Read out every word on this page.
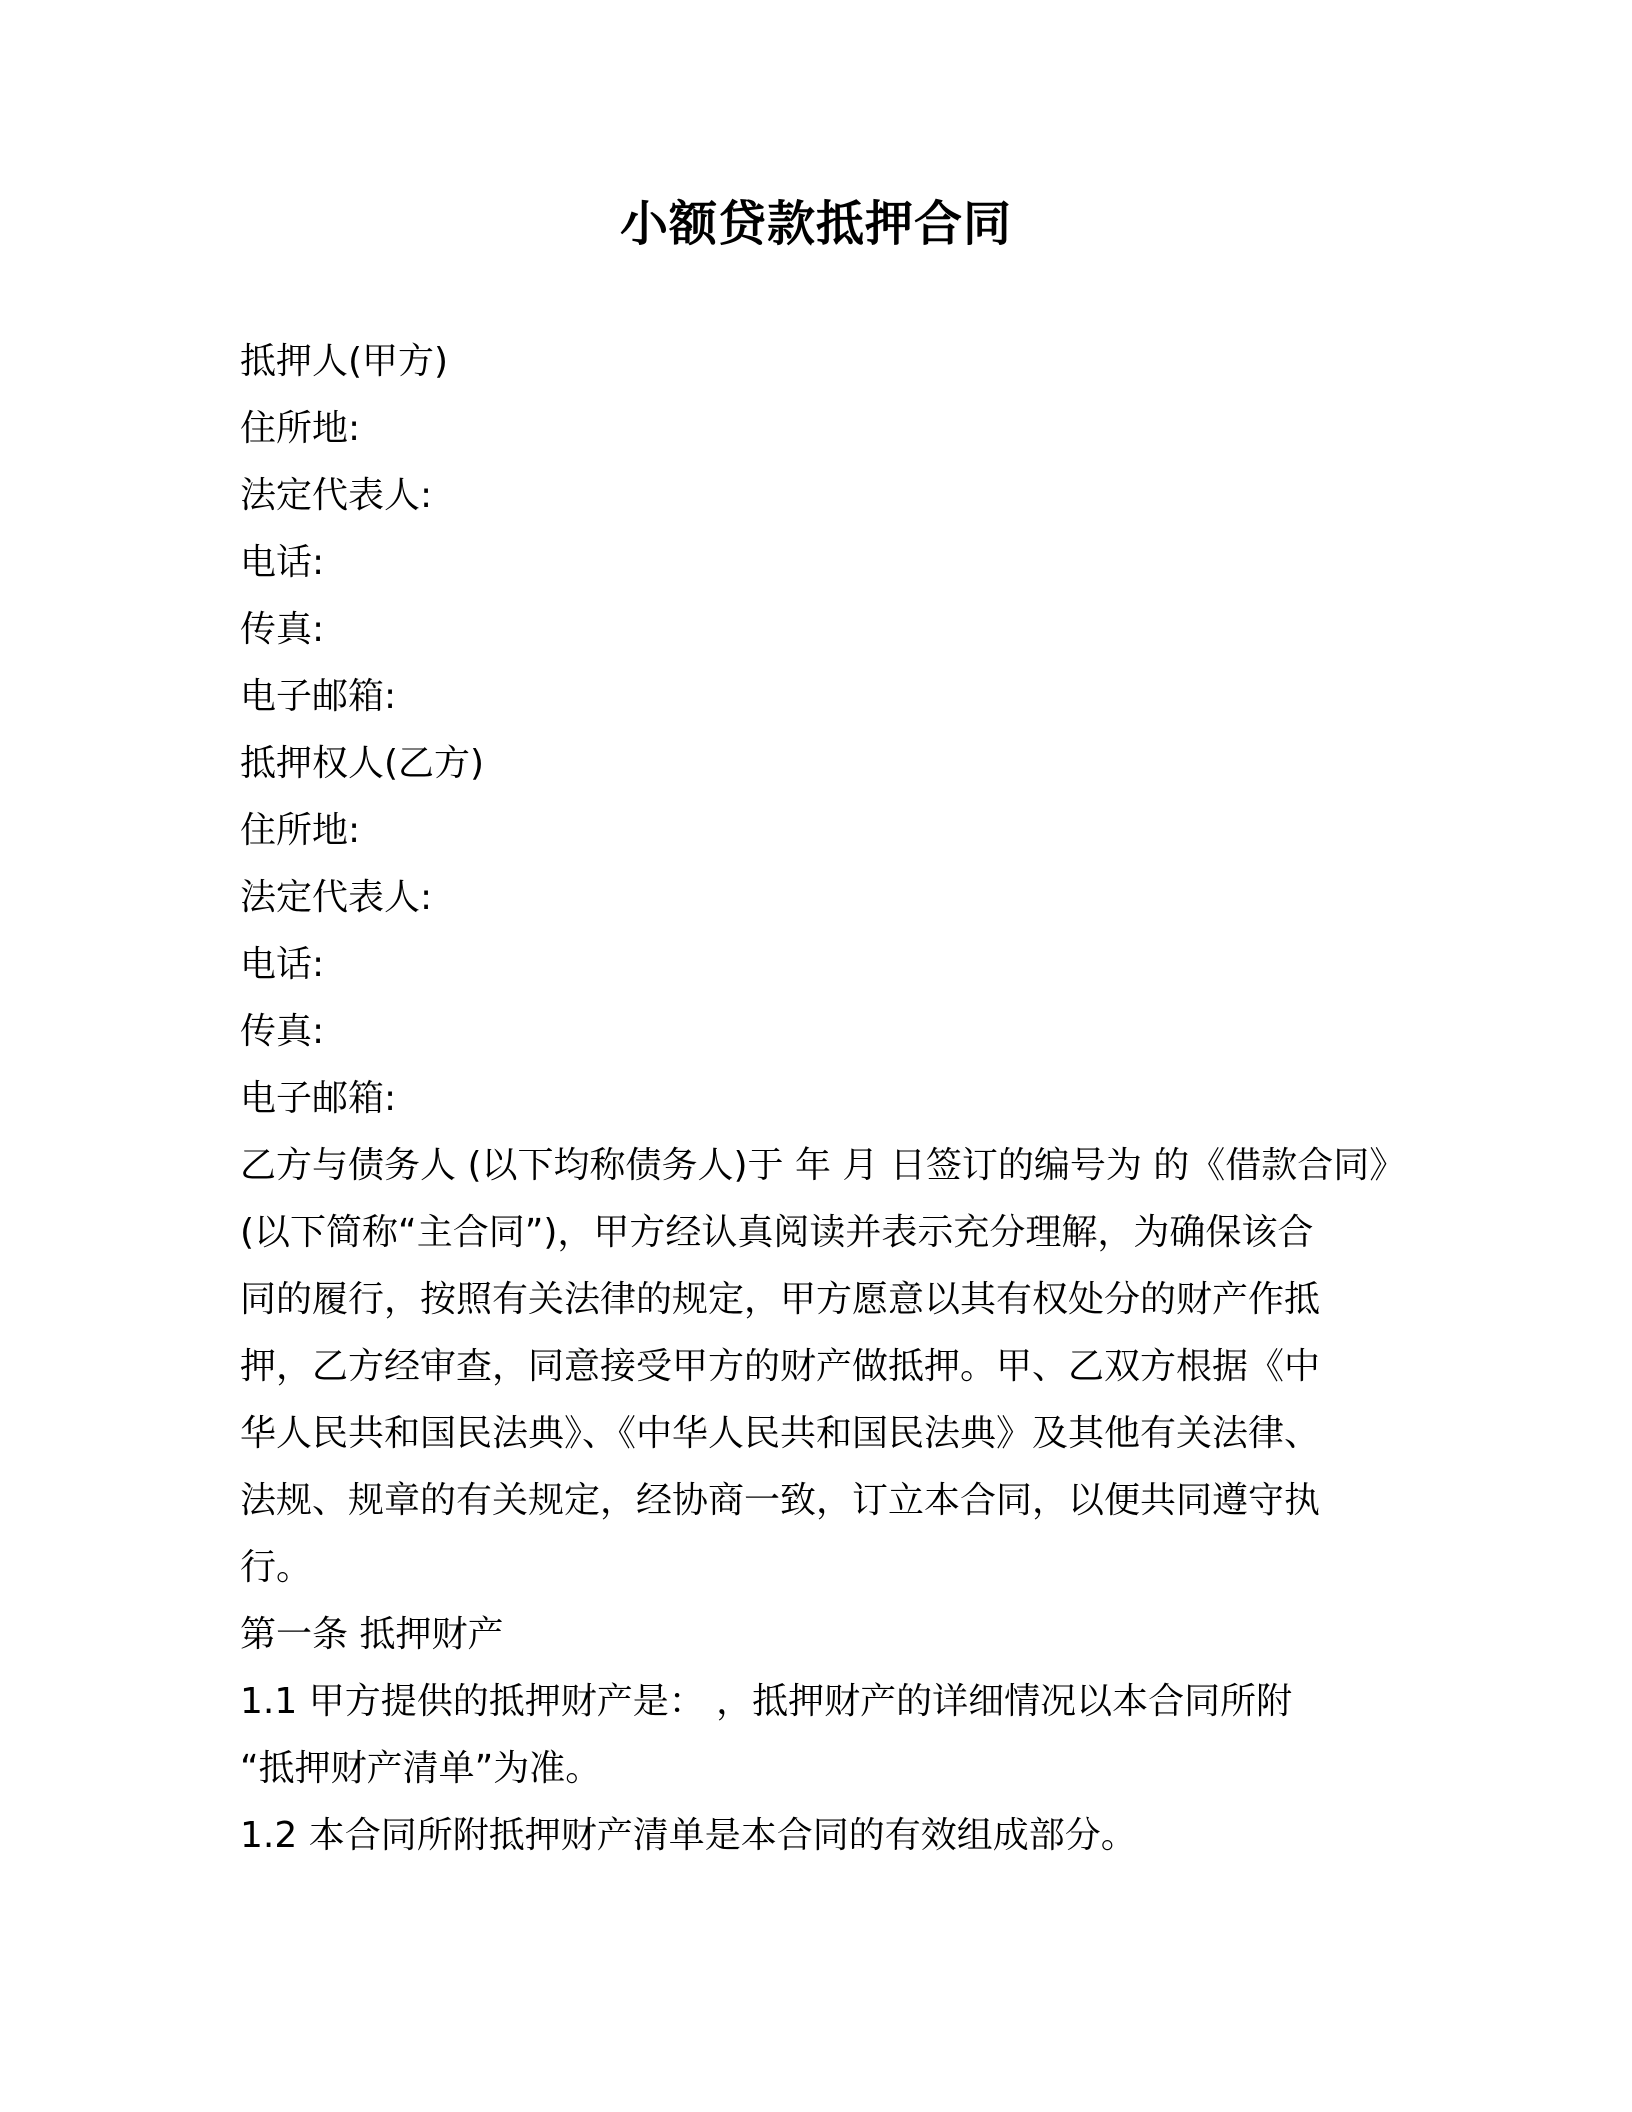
小额贷款抵押合同
抵押人(甲方)
住所地:
法定代表人:
电话:
传真:
电子邮箱:
抵押权人(乙方)
住所地:
法定代表人:
电话:
传真:
电子邮箱:
乙方与债务人 (以下均称债务人)于 年 月 日签订的编号为 的《借款合同》
(以下简称“主合同”)，甲方经认真阅读并表示充分理解，为确保该合
同的履行，按照有关法律的规定，甲方愿意以其有权处分的财产作抵
押，乙方经审查，同意接受甲方的财产做抵押。甲、乙双方根据《中
华人民共和国民法典》、《中华人民共和国民法典》及其他有关法律、
法规、规章的有关规定，经协商一致，订立本合同，以便共同遵守执
行。
第一条 抵押财产
1.1 甲方提供的抵押财产是： ，抵押财产的详细情况以本合同所附
“抵押财产清单”为准。
1.2 本合同所附抵押财产清单是本合同的有效组成部分。
